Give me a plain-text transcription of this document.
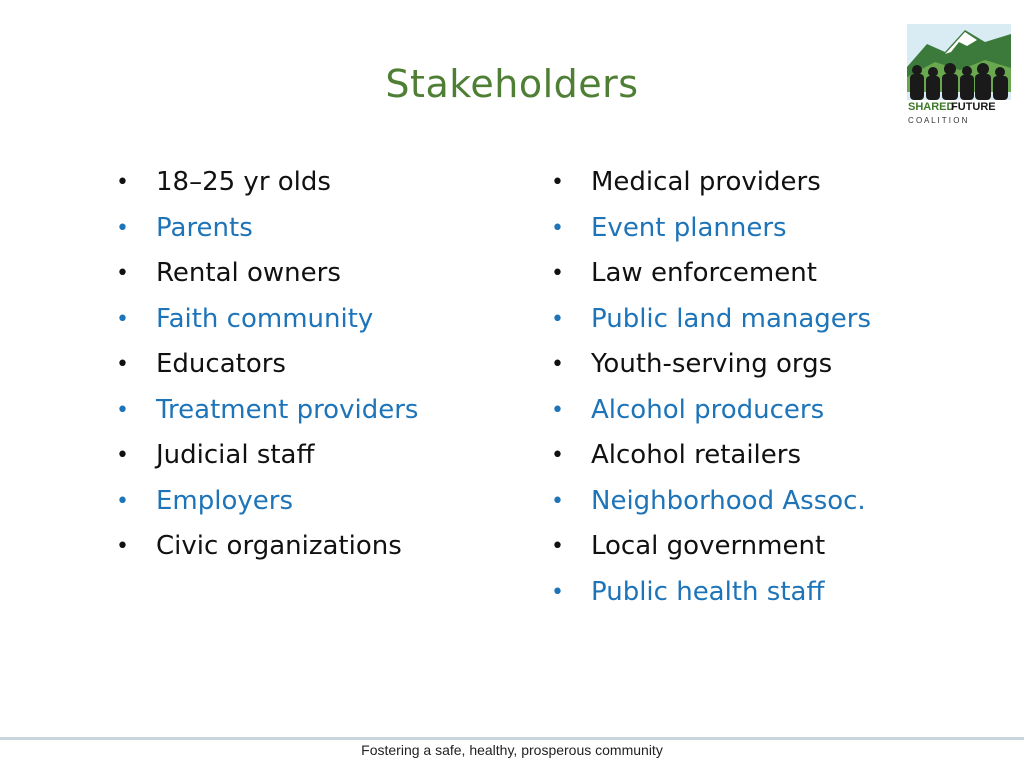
Stakeholders
SHARED
FUTURE
C O A L I T I O N
• 18–25 yr olds
• Parents
• Rental owners
• Faith community
• Educators
• Treatment providers
• Judicial staff
• Employers
• Civic organizations
• Medical providers
• Event planners
• Law enforcement
• Public land managers
• Youth-serving orgs
• Alcohol producers
• Alcohol retailers
• Neighborhood Assoc.
• Local government
• Public health staff
Fostering a safe, healthy, prosperous community
